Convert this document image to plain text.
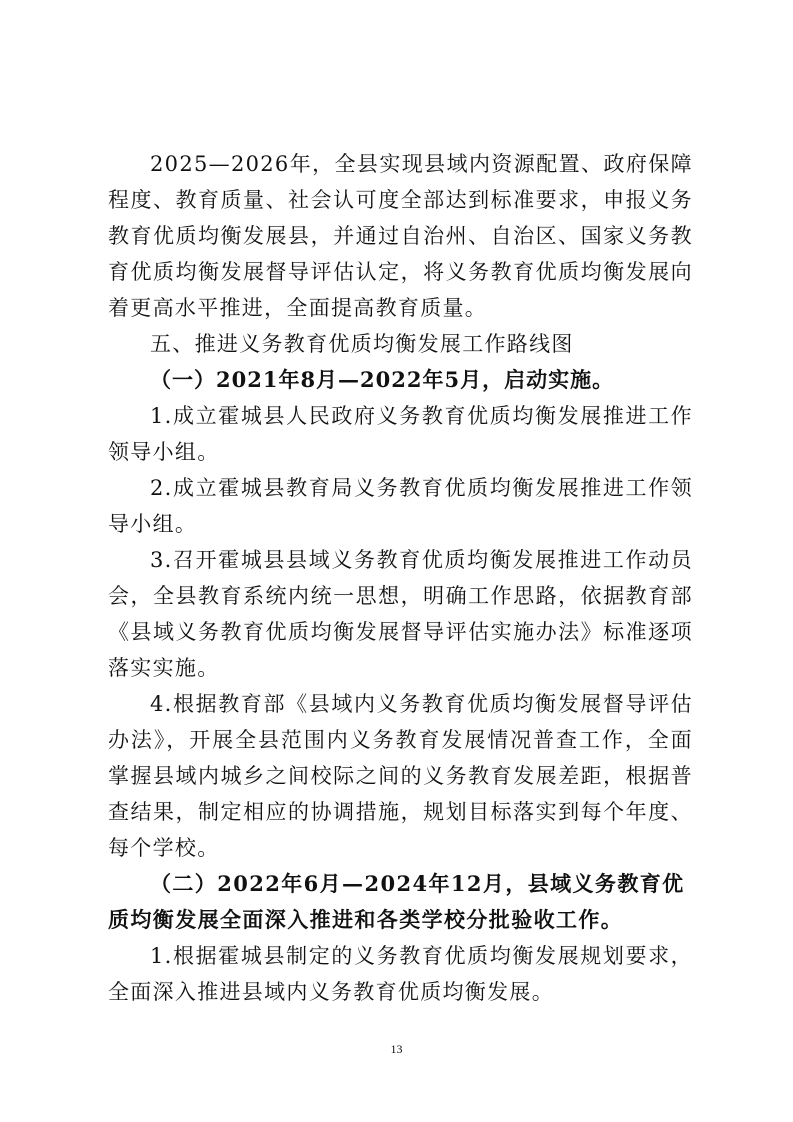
2025—2026年，全县实现县域内资源配置、政府保障程度、教育质量、社会认可度全部达到标准要求，申报义务教育优质均衡发展县，并通过自治州、自治区、国家义务教育优质均衡发展督导评估认定，将义务教育优质均衡发展向着更高水平推进，全面提高教育质量。

五、推进义务教育优质均衡发展工作路线图

（一）2021年8月—2022年5月，启动实施。

1.成立霍城县人民政府义务教育优质均衡发展推进工作领导小组。

2.成立霍城县教育局义务教育优质均衡发展推进工作领导小组。

3.召开霍城县县域义务教育优质均衡发展推进工作动员会，全县教育系统内统一思想，明确工作思路，依据教育部《县域义务教育优质均衡发展督导评估实施办法》标准逐项落实实施。

4.根据教育部《县域内义务教育优质均衡发展督导评估办法》，开展全县范围内义务教育发展情况普查工作，全面掌握县域内城乡之间校际之间的义务教育发展差距，根据普查结果，制定相应的协调措施，规划目标落实到每个年度、每个学校。

（二）2022年6月—2024年12月，县域义务教育优质均衡发展全面深入推进和各类学校分批验收工作。

1.根据霍城县制定的义务教育优质均衡发展规划要求，全面深入推进县域内义务教育优质均衡发展。

13
